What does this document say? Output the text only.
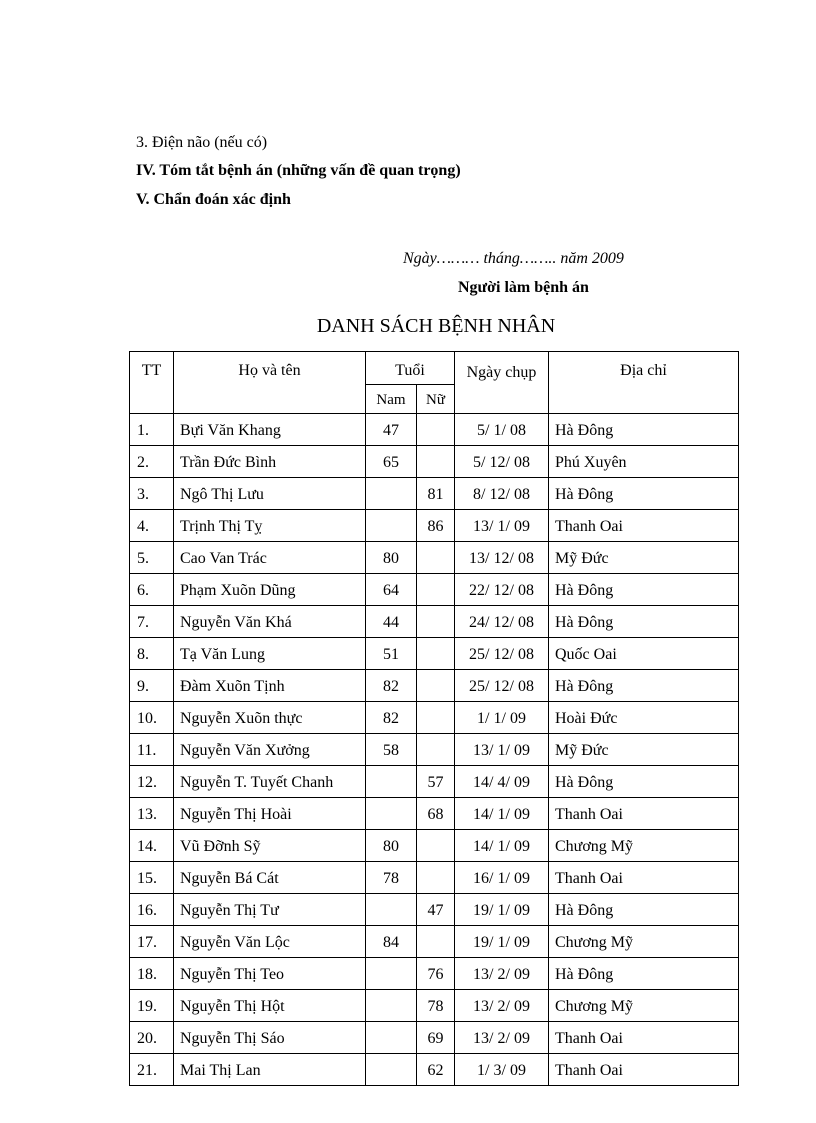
3. Điện não (nếu có)
IV. Tóm tắt bệnh án (những vấn đề quan trọng)
V. Chẩn đoán xác định
Ngày……… tháng…….. năm 2009
Người làm bệnh án
DANH SÁCH BỆNH NHÂN
TT	Họ và tên	Tuổi		Ngày chụp	Địa chỉ
		Nam	Nữ		
1.	Bựi Văn Khang	47		5/ 1/ 08	Hà Đông
2.	Trần Đức Bình	65		5/ 12/ 08	Phú Xuyên
3.	Ngô Thị Lưu		81	8/ 12/ 08	Hà Đông
4.	Trịnh Thị Tỵ		86	13/ 1/ 09	Thanh Oai
5.	Cao Van Trác	80		13/ 12/ 08	Mỹ Đức
6.	Phạm Xuõn Dũng	64		22/ 12/ 08	Hà Đông
7.	Nguyễn Văn Khá	44		24/ 12/ 08	Hà Đông
8.	Tạ Văn Lung	51		25/ 12/ 08	Quốc Oai
9.	Đàm Xuõn Tịnh	82		25/ 12/ 08	Hà Đông
10.	Nguyễn Xuõn thực	82		1/ 1/ 09	Hoài Đức
11.	Nguyễn Văn Xưởng	58		13/ 1/ 09	Mỹ Đức
12.	Nguyễn T. Tuyết Chanh		57	14/ 4/ 09	Hà Đông
13.	Nguyễn Thị Hoài		68	14/ 1/ 09	Thanh Oai
14.	Vũ Đỡnh Sỹ	80		14/ 1/ 09	Chương Mỹ
15.	Nguyễn Bá Cát	78		16/ 1/ 09	Thanh Oai
16.	Nguyễn Thị Tư		47	19/ 1/ 09	Hà Đông
17.	Nguyễn Văn Lộc	84		19/ 1/ 09	Chương Mỹ
18.	Nguyễn Thị Teo		76	13/ 2/ 09	Hà Đông
19.	Nguyễn Thị Hột		78	13/ 2/ 09	Chương Mỹ
20.	Nguyễn Thị Sáo		69	13/ 2/ 09	Thanh Oai
21.	Mai Thị Lan		62	1/ 3/ 09	Thanh Oai
